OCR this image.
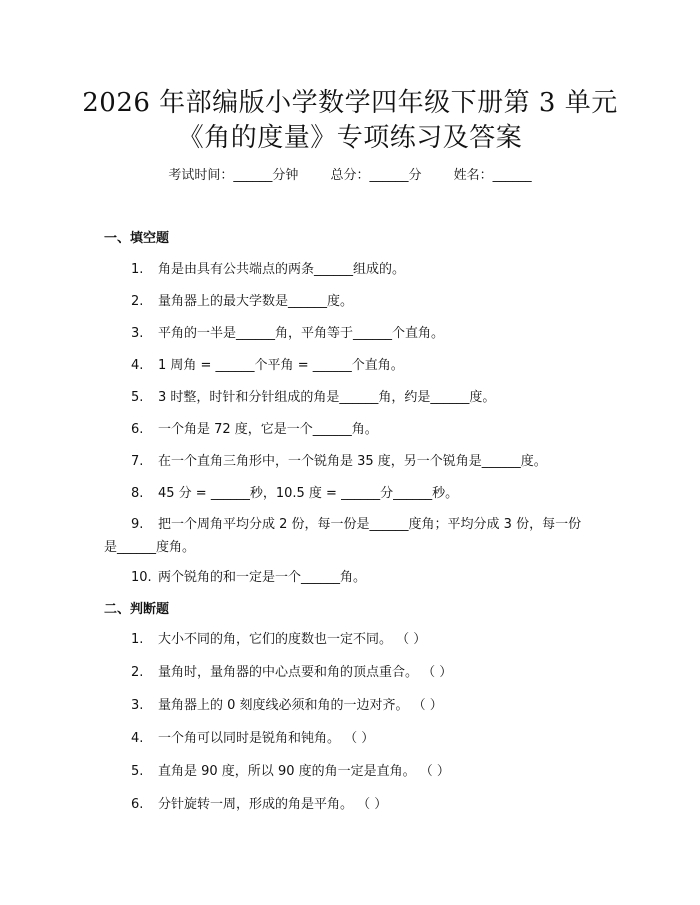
2026 年部编版小学数学四年级下册第 3 单元
《角的度量》专项练习及答案
考试时间：______分钟 总分：______分 姓名：______
一、填空题
1. 角是由具有公共端点的两条______组成的。
2. 量角器上的最大学数是______度。
3. 平角的一半是______角，平角等于______个直角。
4. 1 周角 = ______个平角 = ______个直角。
5. 3 时整，时针和分针组成的角是______角，约是______度。
6. 一个角是 72 度，它是一个______角。
7. 在一个直角三角形中，一个锐角是 35 度，另一个锐角是______度。
8. 45 分 = ______秒，10.5 度 = ______分______秒。
9. 把一个周角平均分成 2 份，每一份是______度角；平均分成 3 份，每一份
是______度角。
10. 两个锐角的和一定是一个______角。
二、判断题
1. 大小不同的角，它们的度数也一定不同。 （ ）
2. 量角时，量角器的中心点要和角的顶点重合。 （ ）
3. 量角器上的 0 刻度线必须和角的一边对齐。 （ ）
4. 一个角可以同时是锐角和钝角。 （ ）
5. 直角是 90 度，所以 90 度的角一定是直角。 （ ）
6. 分针旋转一周，形成的角是平角。 （ ）
